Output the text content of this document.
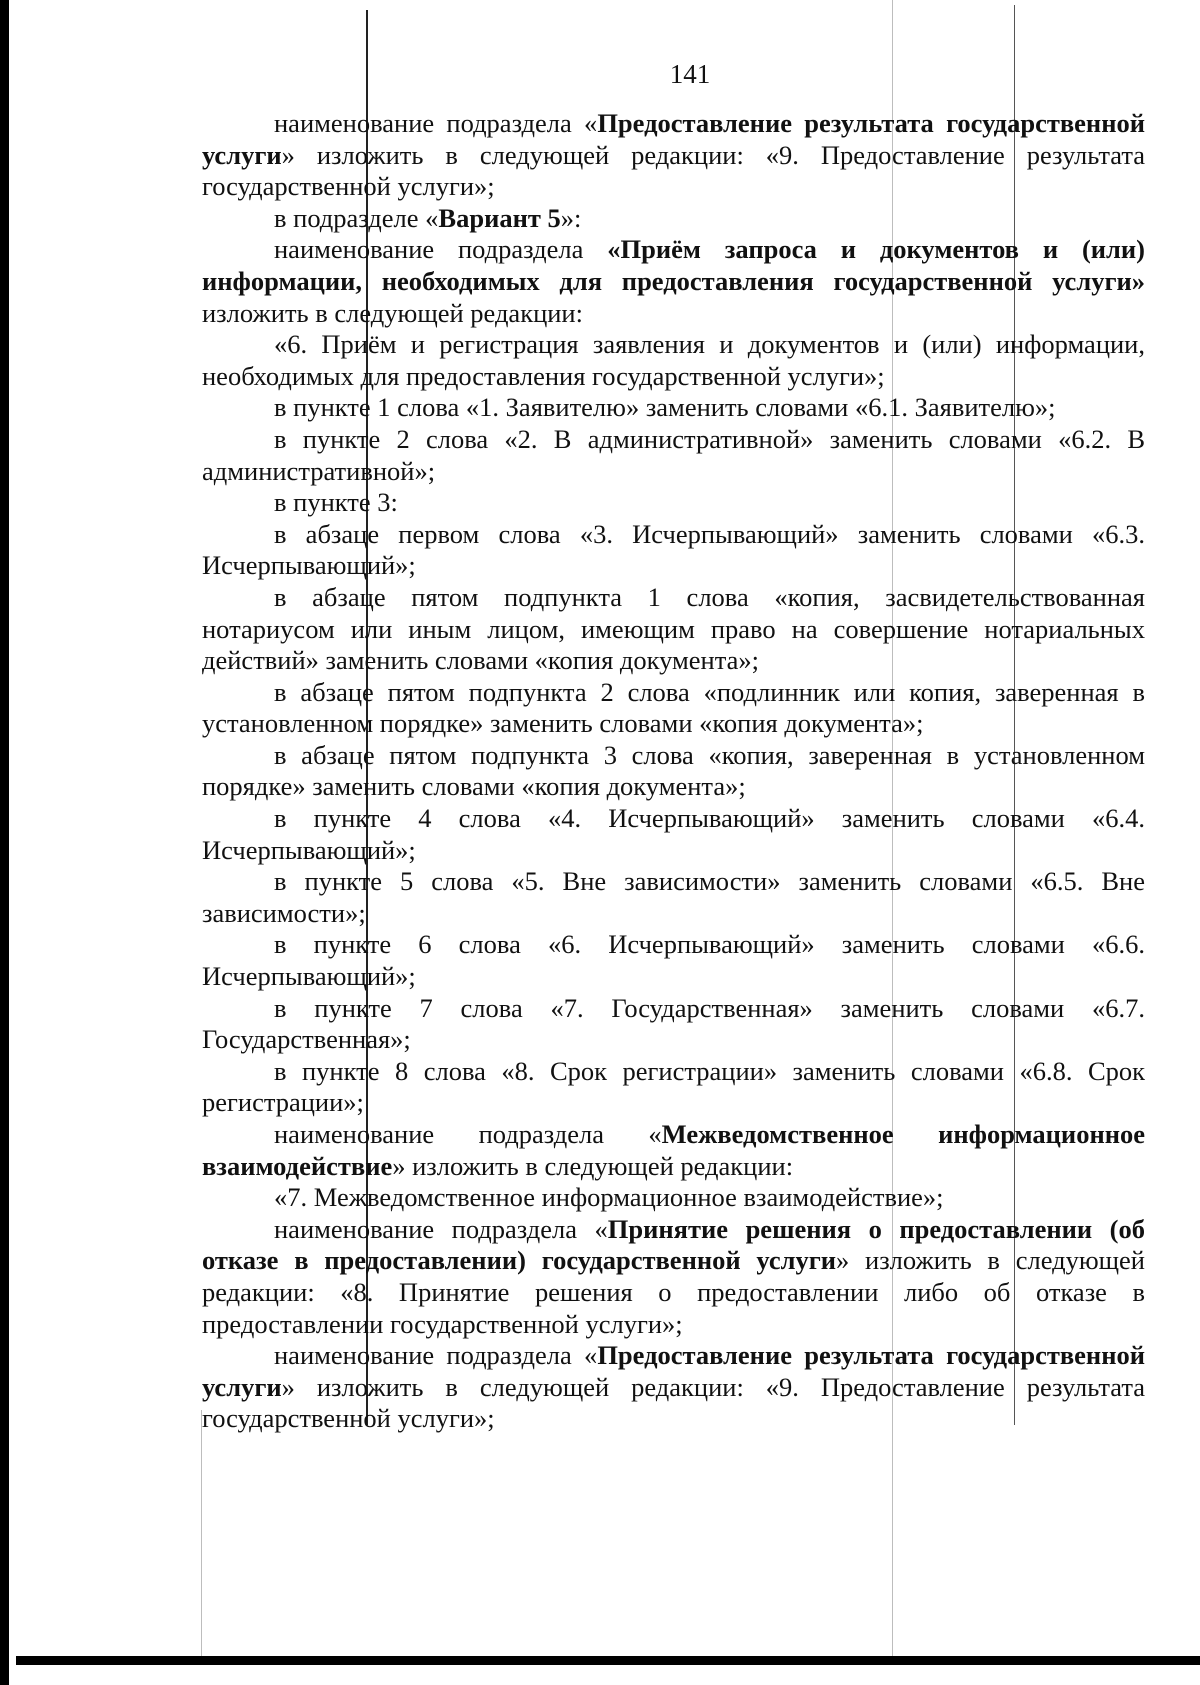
141

наименование подраздела «Предоставление результата государственной услуги» изложить в следующей редакции: «9. Предоставление результата государственной услуги»;

в подразделе «Вариант 5»:

наименование подраздела «Приём запроса и документов и (или) информации, необходимых для предоставления государственной услуги» изложить в следующей редакции:

«6. Приём и регистрация заявления и документов и (или) информации, необходимых для предоставления государственной услуги»;

в пункте 1 слова «1. Заявителю» заменить словами «6.1. Заявителю»;

в пункте 2 слова «2. В административной» заменить словами «6.2. В административной»;

в пункте 3:

в абзаце первом слова «3. Исчерпывающий» заменить словами «6.3. Исчерпывающий»;

в абзаце пятом подпункта 1 слова «копия, засвидетельствованная нотариусом или иным лицом, имеющим право на совершение нотариальных действий» заменить словами «копия документа»;

в абзаце пятом подпункта 2 слова «подлинник или копия, заверенная в установленном порядке» заменить словами «копия документа»;

в абзаце пятом подпункта 3 слова «копия, заверенная в установленном порядке» заменить словами «копия документа»;

в пункте 4 слова «4. Исчерпывающий» заменить словами «6.4. Исчерпывающий»;

в пункте 5 слова «5. Вне зависимости» заменить словами «6.5. Вне зависимости»;

в пункте 6 слова «6. Исчерпывающий» заменить словами «6.6. Исчерпывающий»;

в пункте 7 слова «7. Государственная» заменить словами «6.7. Государственная»;

в пункте 8 слова «8. Срок регистрации» заменить словами «6.8. Срок регистрации»;

наименование подраздела «Межведомственное информационное взаимодействие» изложить в следующей редакции:

«7. Межведомственное информационное взаимодействие»;

наименование подраздела «Принятие решения о предоставлении (об отказе в предоставлении) государственной услуги» изложить в следующей редакции: «8. Принятие решения о предоставлении либо об отказе в предоставлении государственной услуги»;

наименование подраздела «Предоставление результата государственной услуги» изложить в следующей редакции: «9. Предоставление результата государственной услуги»;
